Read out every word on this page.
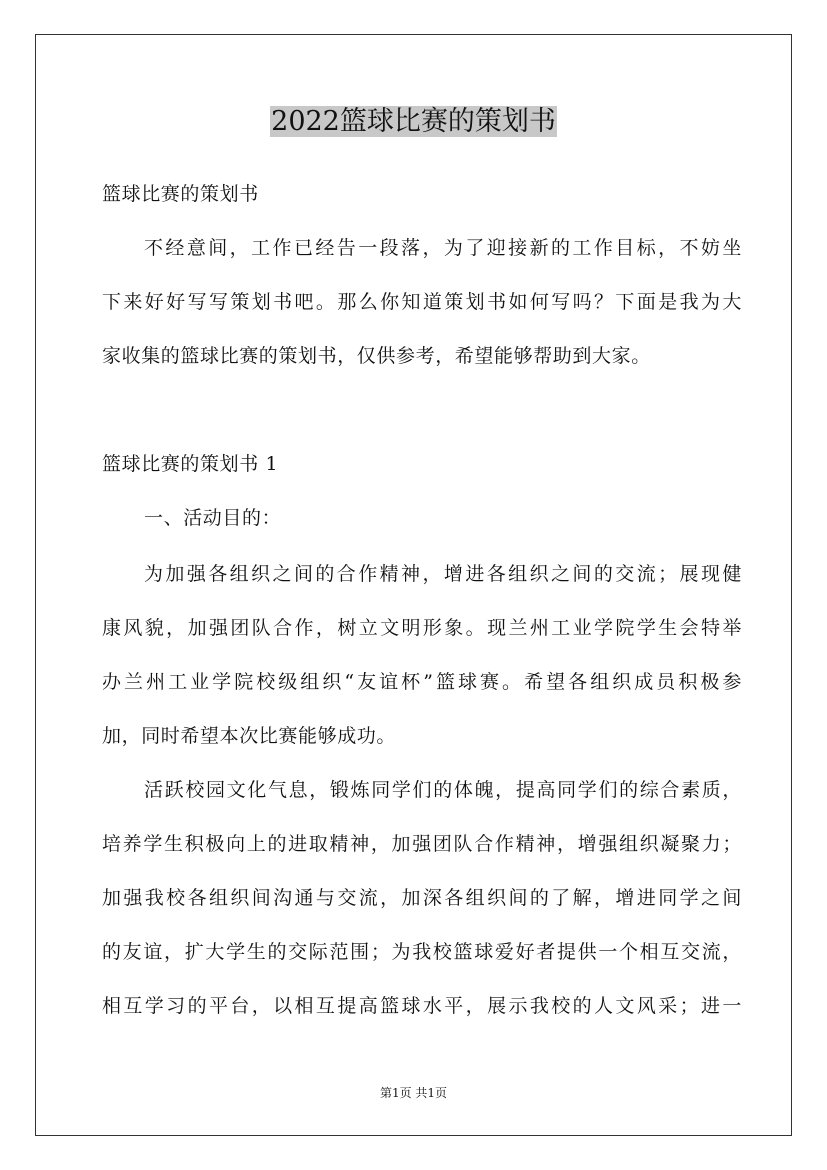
2022篮球比赛的策划书

篮球比赛的策划书

不经意间，工作已经告一段落，为了迎接新的工作目标，不妨坐

下来好好写写策划书吧。那么你知道策划书如何写吗？下面是我为大

家收集的篮球比赛的策划书，仅供参考，希望能够帮助到大家。

篮球比赛的策划书 1

一、活动目的：

为加强各组织之间的合作精神，增进各组织之间的交流；展现健

康风貌，加强团队合作，树立文明形象。现兰州工业学院学生会特举

办兰州工业学院校级组织“友谊杯”篮球赛。希望各组织成员积极参

加，同时希望本次比赛能够成功。

活跃校园文化气息，锻炼同学们的体魄，提高同学们的综合素质，

培养学生积极向上的进取精神，加强团队合作精神，增强组织凝聚力；

加强我校各组织间沟通与交流，加深各组织间的了解，增进同学之间

的友谊，扩大学生的交际范围；为我校篮球爱好者提供一个相互交流，

相互学习的平台，以相互提高篮球水平，展示我校的人文风采；进一

第1页 共1页
